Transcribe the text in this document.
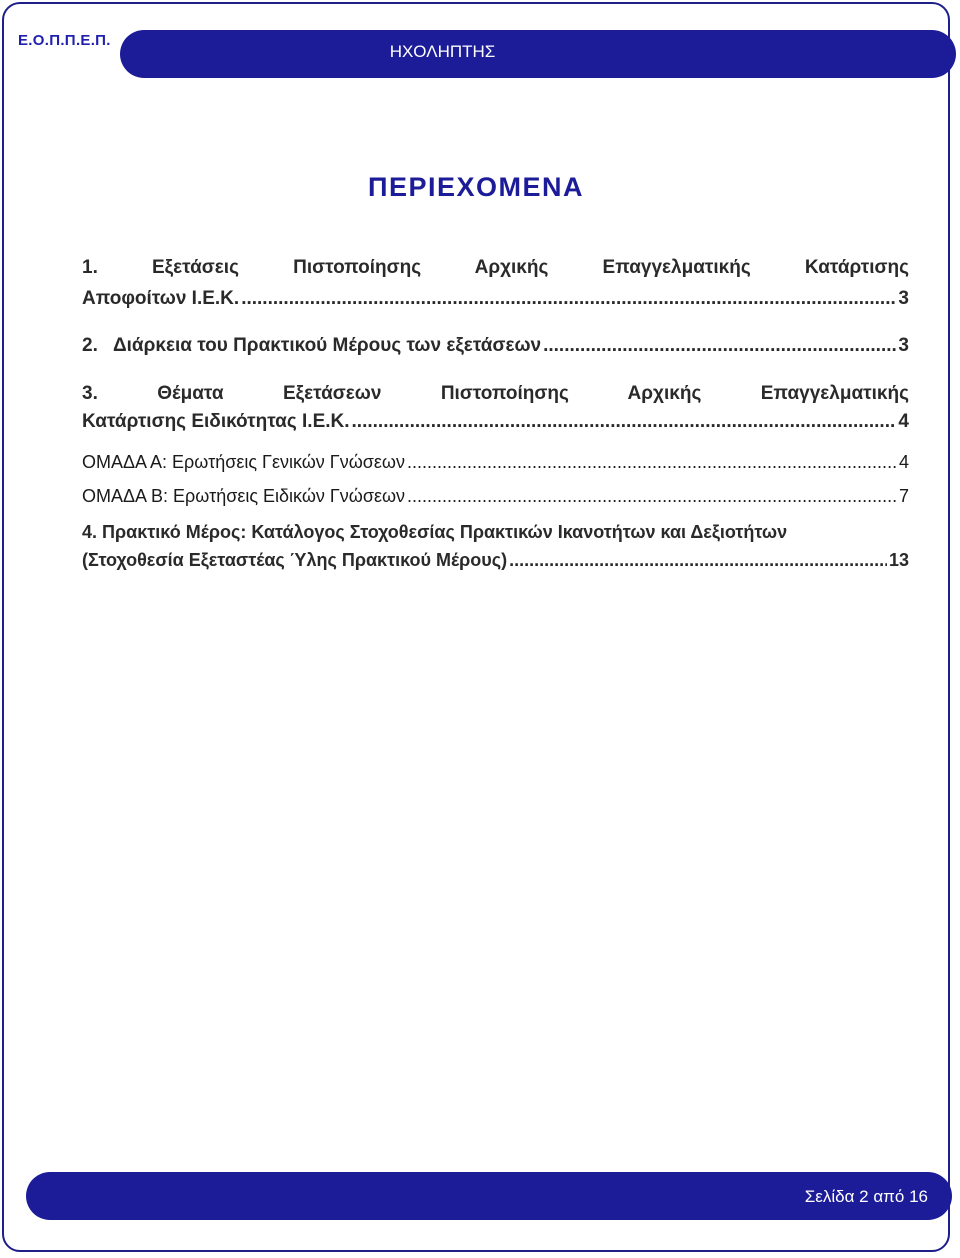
Ε.Ο.Π.Π.Ε.Π.
ΗΧΟΛΗΠΤΗΣ
ΠΕΡΙΕΧΟΜΕΝΑ
1. Εξετάσεις Πιστοποίησης Αρχικής Επαγγελματικής Κατάρτισης
Αποφοίτων Ι.Ε.Κ. .....	3
2.   Διάρκεια του Πρακτικού Μέρους των εξετάσεων .....	3
3. Θέματα Εξετάσεων Πιστοποίησης Αρχικής Επαγγελματικής
Κατάρτισης Ειδικότητας Ι.Ε.Κ. .....	4
ΟΜΑΔΑ Α: Ερωτήσεις Γενικών Γνώσεων .....	4
ΟΜΑΔΑ Β: Ερωτήσεις Ειδικών Γνώσεων .....	7
4. Πρακτικό Μέρος: Κατάλογος Στοχοθεσίας Πρακτικών Ικανοτήτων και Δεξιοτήτων
(Στοχοθεσία Εξεταστέας Ύλης Πρακτικού Μέρους) .....	13
Σελίδα 2 από 16
